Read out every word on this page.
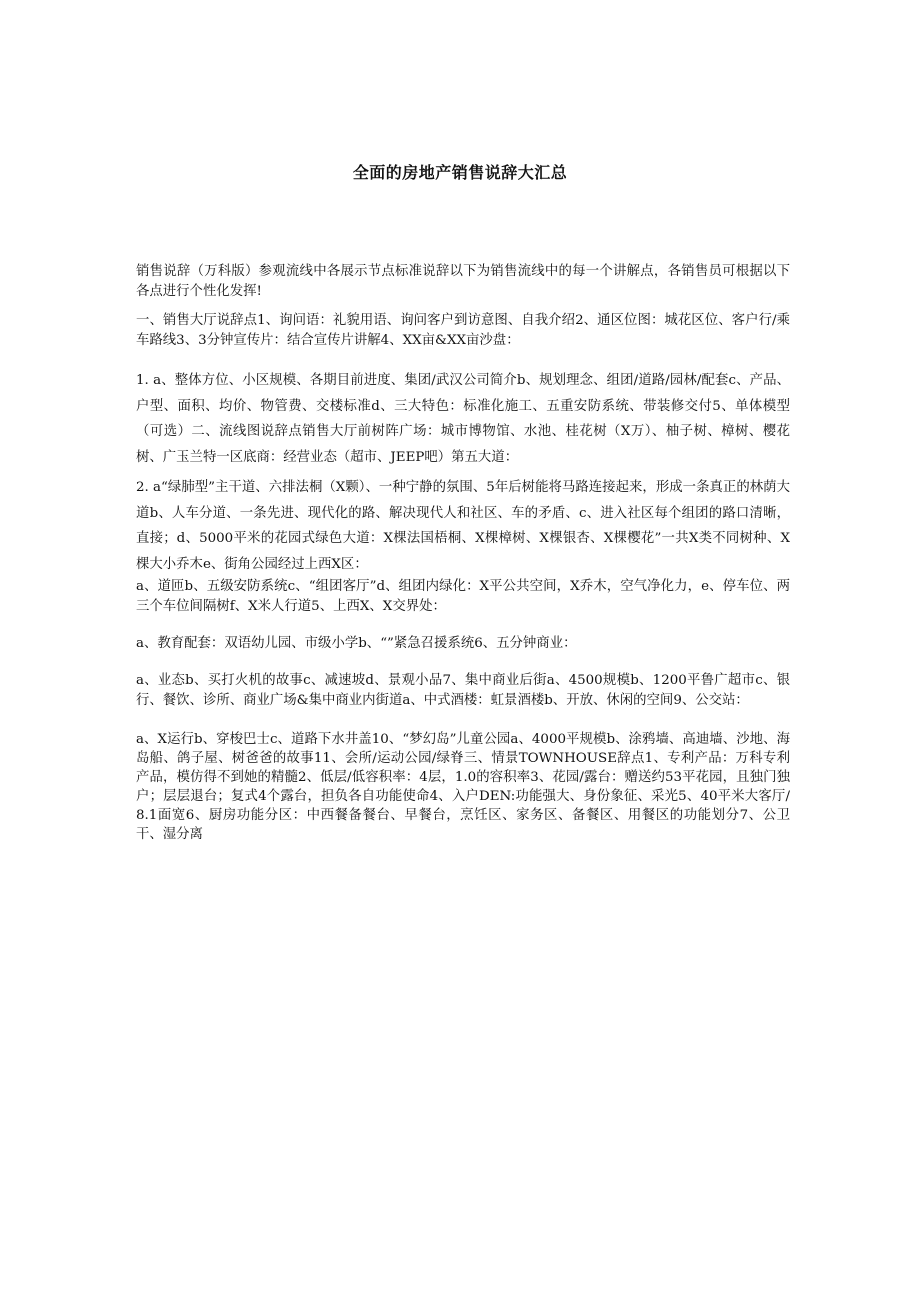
全面的房地产销售说辞大汇总

销售说辞（万科版）参观流线中各展示节点标准说辞以下为销售流线中的每一个讲解点，各销售员可根据以下各点进行个性化发挥!

一、销售大厅说辞点1、询问语：礼貌用语、询问客户到访意图、自我介绍2、通区位图：城花区位、客户行/乘车路线3、3分钟宣传片：结合宣传片讲解4、XX亩&XX亩沙盘：

1. a、整体方位、小区规模、各期目前进度、集团/武汉公司简介b、规划理念、组团/道路/园林/配套c、产品、户型、面积、均价、物管费、交楼标准d、三大特色：标准化施工、五重安防系统、带装修交付5、单体模型（可选）二、流线图说辞点销售大厅前树阵广场：城市博物馆、水池、桂花树（X万）、柚子树、樟树、樱花树、广玉兰特一区底商：经营业态（超市、JEEP吧）第五大道：

2. a“绿肺型”主干道、六排法桐（X颗）、一种宁静的氛围、5年后树能将马路连接起来，形成一条真正的林荫大道b、人车分道、一条先进、现代化的路、解决现代人和社区、车的矛盾、c、进入社区每个组团的路口清晰，直接；d、5000平米的花园式绿色大道：X棵法国梧桐、X棵樟树、X棵银杏、X棵樱花”一共X类不同树种、X棵大小乔木e、街角公园经过上西X区：

a、道匝b、五级安防系统c、“组团客厅”d、组团内绿化：X平公共空间，X乔木，空气净化力，e、停车位、两三个车位间隔树f、X米人行道5、上西X、X交界处：

a、教育配套：双语幼儿园、市级小学b、“”紧急召援系统6、五分钟商业：

a、业态b、买打火机的故事c、减速坡d、景观小品7、集中商业后街a、4500规模b、1200平鲁广超市c、银行、餐饮、诊所、商业广场&集中商业内街道a、中式酒楼：虹景酒楼b、开放、休闲的空间9、公交站：

a、X运行b、穿梭巴士c、道路下水井盖10、“梦幻岛”儿童公园a、4000平规模b、涂鸦墙、高迪墙、沙地、海岛船、鸽子屋、树爸爸的故事11、会所/运动公园/绿脊三、情景TOWNHOUSE辞点1、专利产品：万科专利产品，模仿得不到她的精髓2、低层/低容积率：4层，1.0的容积率3、花园/露台：赠送约53平花园，且独门独户；层层退台；复式4个露台，担负各自功能使命4、入户DEN:功能强大、身份象征、采光5、40平米大客厅/8.1面宽6、厨房功能分区：中西餐备餐台、早餐台，烹饪区、家务区、备餐区、用餐区的功能划分7、公卫干、湿分离
